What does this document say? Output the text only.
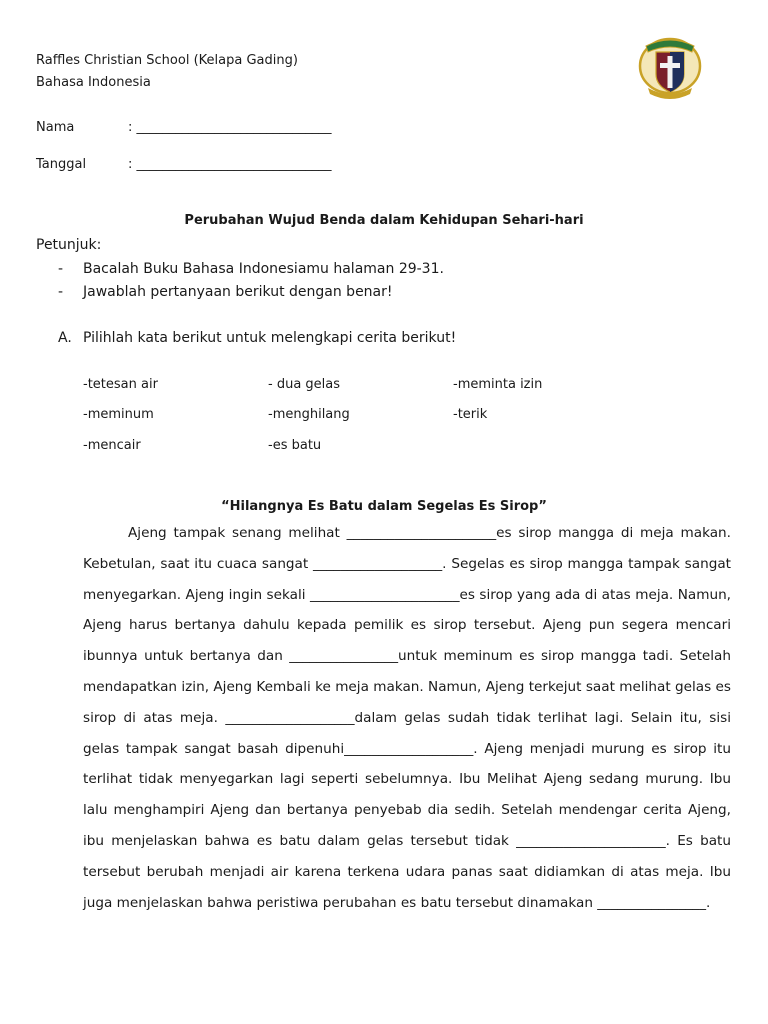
Raffles Christian School (Kelapa Gading)
Bahasa Indonesia
Nama	: ______________________________
Tanggal	: ______________________________
Perubahan Wujud Benda dalam Kehidupan Sehari-hari
Petunjuk:
- Bacalah Buku Bahasa Indonesiamu halaman 29-31.
- Jawablah pertanyaan berikut dengan benar!
A. Pilihlah kata berikut untuk melengkapi cerita berikut!
-tetesan air	- dua gelas	-meminta izin
-meminum	-menghilang	-terik
-mencair	-es batu
“Hilangnya Es Batu dalam Segelas Es Sirop”
Ajeng tampak senang melihat ______________________es sirop mangga di meja makan. Kebetulan, saat itu cuaca sangat ___________________. Segelas es sirop mangga tampak sangat menyegarkan. Ajeng ingin sekali ______________________es sirop yang ada di atas meja. Namun, Ajeng harus bertanya dahulu kepada pemilik es sirop tersebut. Ajeng pun segera mencari ibunnya untuk bertanya dan ________________untuk meminum es sirop mangga tadi. Setelah mendapatkan izin, Ajeng Kembali ke meja makan. Namun, Ajeng terkejut saat melihat gelas es sirop di atas meja. ___________________dalam gelas sudah tidak terlihat lagi. Selain itu, sisi gelas tampak sangat basah dipenuhi___________________. Ajeng menjadi murung es sirop itu terlihat tidak menyegarkan lagi seperti sebelumnya. Ibu Melihat Ajeng sedang murung. Ibu lalu menghampiri Ajeng dan bertanya penyebab dia sedih. Setelah mendengar cerita Ajeng, ibu menjelaskan bahwa es batu dalam gelas tersebut tidak ______________________. Es batu tersebut berubah menjadi air karena terkena udara panas saat didiamkan di atas meja. Ibu juga menjelaskan bahwa peristiwa perubahan es batu tersebut dinamakan ________________.
